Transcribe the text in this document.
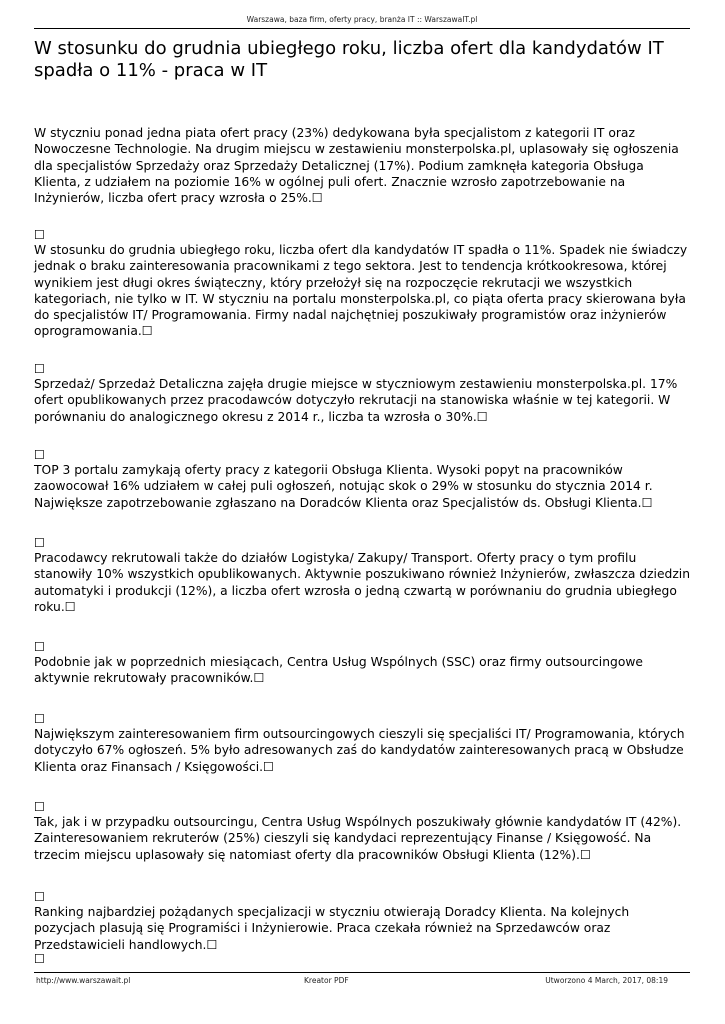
Warszawa, baza firm, oferty pracy, branża IT :: WarszawaIT.pl
W stosunku do grudnia ubiegłego roku, liczba ofert dla kandydatów IT spadła o 11% - praca w IT

W styczniu ponad jedna piata ofert pracy (23%) dedykowana była specjalistom z kategorii IT oraz Nowoczesne Technologie. Na drugim miejscu w zestawieniu monsterpolska.pl, uplasowały się ogłoszenia dla specjalistów Sprzedaży oraz Sprzedaży Detalicznej (17%). Podium zamknęła kategoria Obsługa Klienta, z udziałem na poziomie 16% w ogólnej puli ofert. Znacznie wzrosło zapotrzebowanie na Inżynierów, liczba ofert pracy wzrosła o 25%.☐

☐

W stosunku do grudnia ubiegłego roku, liczba ofert dla kandydatów IT spadła o 11%. Spadek nie świadczy jednak o braku zainteresowania pracownikami z tego sektora. Jest to tendencja krótkookresowa, której wynikiem jest długi okres świąteczny, który przełożył się na rozpoczęcie rekrutacji we wszystkich kategoriach, nie tylko w IT. W styczniu na portalu monsterpolska.pl, co piąta oferta pracy skierowana była do specjalistów IT/ Programowania. Firmy nadal najchętniej poszukiwały programistów oraz inżynierów oprogramowania.☐

☐

Sprzedaż/ Sprzedaż Detaliczna zajęła drugie miejsce w styczniowym zestawieniu monsterpolska.pl. 17% ofert opublikowanych przez pracodawców dotyczyło rekrutacji na stanowiska właśnie w tej kategorii. W porównaniu do analogicznego okresu z 2014 r., liczba ta wzrosła o 30%.☐

☐

TOP 3 portalu zamykają oferty pracy z kategorii Obsługa Klienta. Wysoki popyt na pracowników zaowocował 16% udziałem w całej puli ogłoszeń, notując skok o 29% w stosunku do stycznia 2014 r. Największe zapotrzebowanie zgłaszano na Doradców Klienta oraz Specjalistów ds. Obsługi Klienta.☐

☐

Pracodawcy rekrutowali także do działów Logistyka/ Zakupy/ Transport. Oferty pracy o tym profilu stanowiły 10% wszystkich opublikowanych. Aktywnie poszukiwano również Inżynierów, zwłaszcza dziedzin automatyki i produkcji (12%), a liczba ofert wzrosła o jedną czwartą w porównaniu do grudnia ubiegłego roku.☐

☐

Podobnie jak w poprzednich miesiącach, Centra Usług Wspólnych (SSC) oraz firmy outsourcingowe aktywnie rekrutowały pracowników.☐

☐

Największym zainteresowaniem firm outsourcingowych cieszyli się specjaliści IT/ Programowania, których dotyczyło 67% ogłoszeń. 5% było adresowanych zaś do kandydatów zainteresowanych pracą w Obsłudze Klienta oraz Finansach / Księgowości.☐

☐

Tak, jak i w przypadku outsourcingu, Centra Usług Wspólnych poszukiwały głównie kandydatów IT (42%). Zainteresowaniem rekruterów (25%) cieszyli się kandydaci reprezentujący Finanse / Księgowość. Na trzecim miejscu uplasowały się natomiast oferty dla pracowników Obsługi Klienta (12%).☐

☐

Ranking najbardziej pożądanych specjalizacji w styczniu otwierają Doradcy Klienta. Na kolejnych pozycjach plasują się Programiści i Inżynierowie. Praca czekała również na Sprzedawców oraz Przedstawicieli handlowych.☐

☐
http://www.warszawait.pl	Kreator PDF	Utworzono 4 March, 2017, 08:19
